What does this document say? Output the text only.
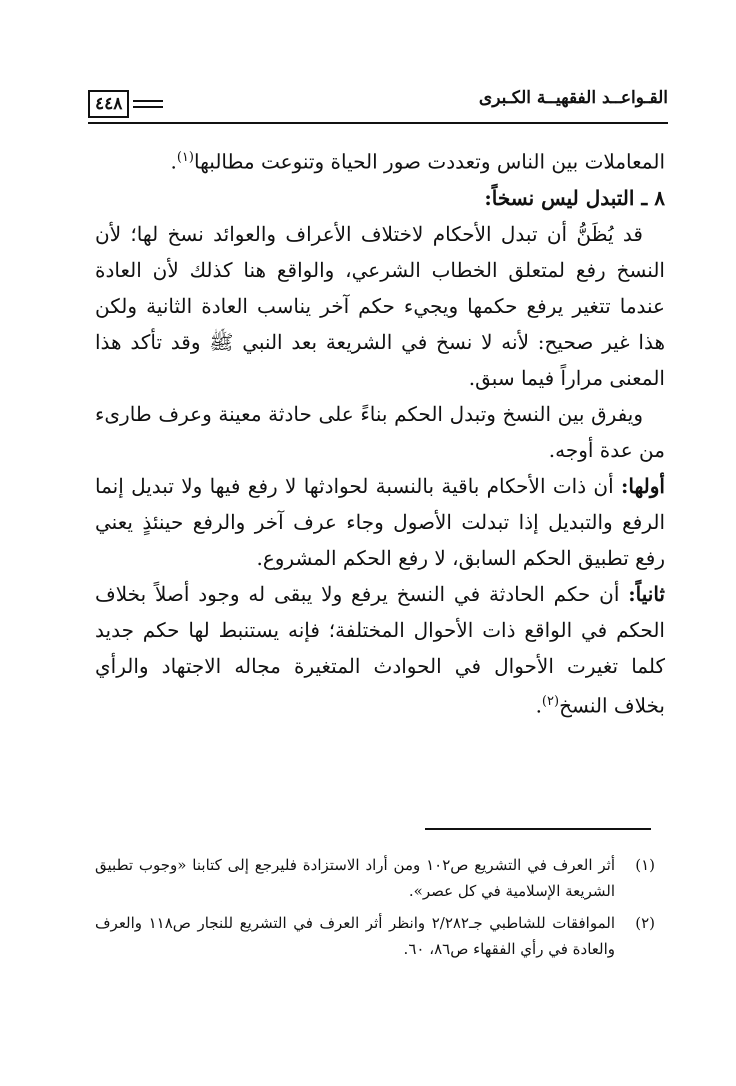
٤٤٨	القـواعــد الفقهيــة الكـبرى

المعاملات بين الناس وتعددت صور الحياة وتنوعت مطالبها$^{(١)}$.

٨ ـ التبدل ليس نسخاً:

قد يُظَنُّ أن تبدل الأحكام لاختلاف الأعراف والعوائد نسخ لها؛ لأن النسخ رفع لمتعلق الخطاب الشرعي، والواقع هنا كذلك لأن العادة عندما تتغير يرفع حكمها ويجيء حكم آخر يناسب العادة الثانية ولكن هذا غير صحيح: لأنه لا نسخ في الشريعة بعد النبي ﷺ وقد تأكد هذا المعنى مراراً فيما سبق.

ويفرق بين النسخ وتبدل الحكم بناءً على حادثة معينة وعرف طارىء من عدة أوجه.

أولها: أن ذات الأحكام باقية بالنسبة لحوادثها لا رفع فيها ولا تبديل إنما الرفع والتبديل إذا تبدلت الأصول وجاء عرف آخر والرفع حينئذٍ يعني رفع تطبيق الحكم السابق، لا رفع الحكم المشروع.

ثانياً: أن حكم الحادثة في النسخ يرفع ولا يبقى له وجود أصلاً بخلاف الحكم في الواقع ذات الأحوال المختلفة؛ فإنه يستنبط لها حكم جديد كلما تغيرت الأحوال في الحوادث المتغيرة مجاله الاجتهاد والرأي بخلاف النسخ$^{(٢)}$.

(١)
أثر العرف في التشريع ص١٠٢ ومن أراد الاستزادة فليرجع إلى كتابنا «وجوب تطبيق الشريعة الإسلامية في كل عصر».
(٢)
الموافقات للشاطبي جـ٢/٢٨٢ وانظر أثر العرف في التشريع للنجار ص١١٨ والعرف والعادة في رأي الفقهاء ص٨٦، ٦٠.
